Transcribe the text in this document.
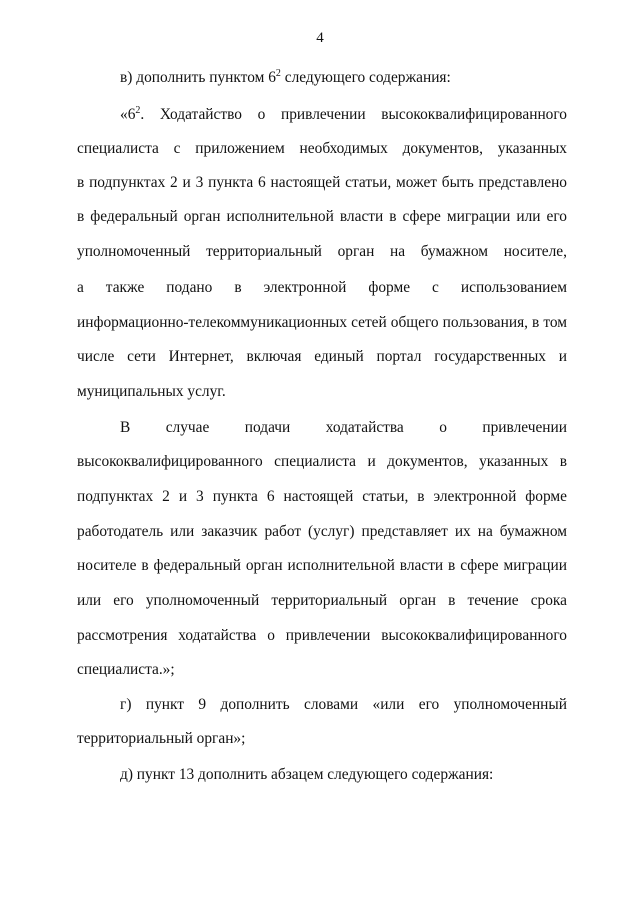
4
в) дополнить пунктом $6^2$ следующего содержания:
«$6^2$. Ходатайство о привлечении высококвалифицированного
специалиста с приложением необходимых документов, указанных
в подпунктах 2 и 3 пункта 6 настоящей статьи, может быть представлено
в федеральный орган исполнительной власти в сфере миграции или его
уполномоченный территориальный орган на бумажном носителе,
а также подано в электронной форме с использованием
информационно-телекоммуникационных сетей общего пользования, в том
числе сети Интернет, включая единый портал государственных и
муниципальных услуг.
В случае подачи ходатайства о привлечении
высококвалифицированного специалиста и документов, указанных в
подпунктах 2 и 3 пункта 6 настоящей статьи, в электронной форме
работодатель или заказчик работ (услуг) представляет их на бумажном
носителе в федеральный орган исполнительной власти в сфере миграции
или его уполномоченный территориальный орган в течение срока
рассмотрения ходатайства о привлечении высококвалифицированного
специалиста.»;
г) пункт 9 дополнить словами «или его уполномоченный
территориальный орган»;
д) пункт 13 дополнить абзацем следующего содержания:
